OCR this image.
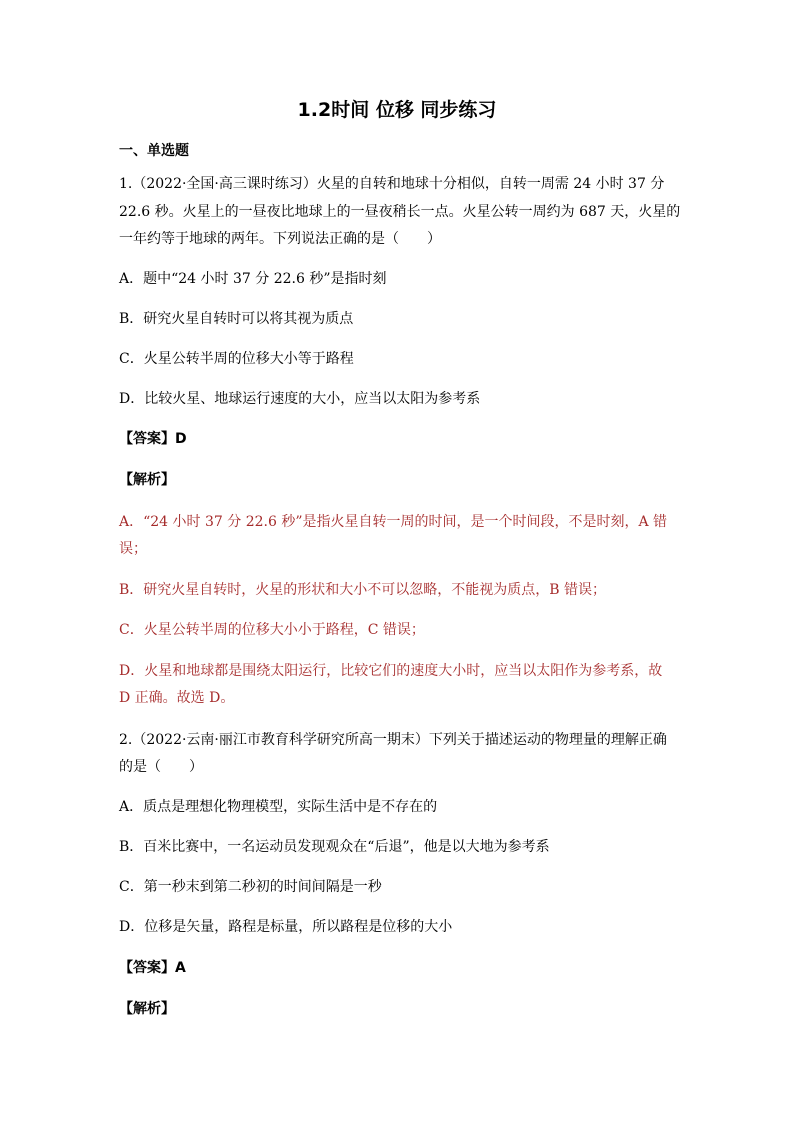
1.2时间 位移 同步练习

一、单选题

1.（2022·全国·高三课时练习）火星的自转和地球十分相似，自转一周需 24 小时 37 分

22.6 秒。火星上的一昼夜比地球上的一昼夜稍长一点。火星公转一周约为 687 天，火星的

一年约等于地球的两年。下列说法正确的是（　　）

A．题中“24 小时 37 分 22.6 秒”是指时刻

B．研究火星自转时可以将其视为质点

C．火星公转半周的位移大小等于路程

D．比较火星、地球运行速度的大小，应当以太阳为参考系

【答案】D

【解析】

A．“24 小时 37 分 22.6 秒”是指火星自转一周的时间，是一个时间段，不是时刻，A 错

误；

B．研究火星自转时，火星的形状和大小不可以忽略，不能视为质点，B 错误；

C．火星公转半周的位移大小小于路程，C 错误；

D．火星和地球都是围绕太阳运行，比较它们的速度大小时，应当以太阳作为参考系，故

D 正确。故选 D。

2.（2022·云南·丽江市教育科学研究所高一期末）下列关于描述运动的物理量的理解正确

的是（　　）

A．质点是理想化物理模型，实际生活中是不存在的

B．百米比赛中，一名运动员发现观众在“后退”，他是以大地为参考系

C．第一秒末到第二秒初的时间间隔是一秒

D．位移是矢量，路程是标量，所以路程是位移的大小

【答案】A

【解析】
